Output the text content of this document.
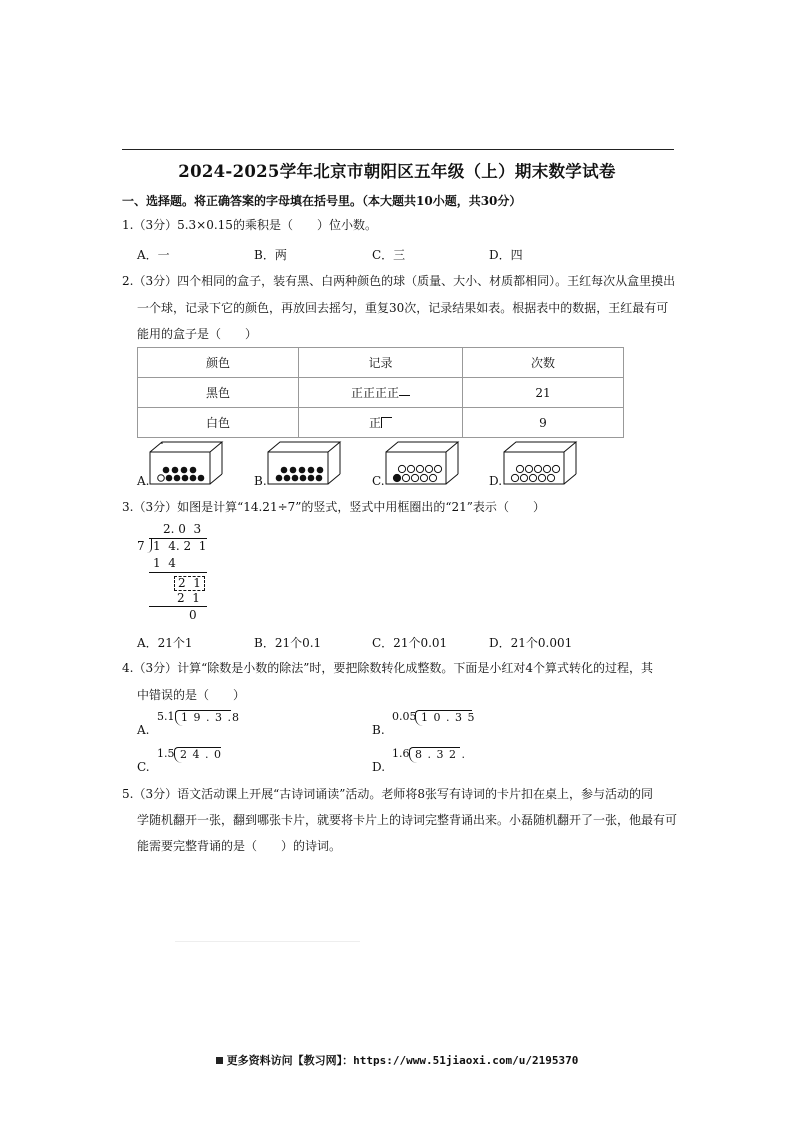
2024-2025学年北京市朝阳区五年级（上）期末数学试卷
一、选择题。将正确答案的字母填在括号里。（本大题共10小题，共30分）
1.（3分）5.3×0.15的乘积是（　　）位小数。
A．一	B．两	C．三	D．四
2.（3分）四个相同的盒子，装有黑、白两种颜色的球（质量、大小、材质都相同）。王红每次从盒里摸出
一个球，记录下它的颜色，再放回去摇匀，重复30次，记录结果如表。根据表中的数据，王红最有可
能用的盒子是（　　）
颜色	记录	次数
黑色	正正正正	21
白色	正	9
A.	B.	C.	D.
3.（3分）如图是计算“14.21÷7”的竖式，竖式中用框圈出的“21”表示（　　）
2. 0  3
7 1  4. 2  1
1  4
2  1
2  1
0
A．21个1	B．21个0.1	C．21个0.01	D．21个0.001
4.（3分）计算“除数是小数的除法”时，要把除数转化成整数。下面是小红对4个算式转化的过程，其
中错误的是（　　）
A.
5.1 1 9 . 3 .8
B.
0.05 1 0 . 3 5
C.
1.5 2 4 . 0
D.
1.6 8 . 3 2 .
5.（3分）语文活动课上开展“古诗词诵读”活动。老师将8张写有诗词的卡片扣在桌上，参与活动的同
学随机翻开一张，翻到哪张卡片，就要将卡片上的诗词完整背诵出来。小磊随机翻开了一张，他最有可
能需要完整背诵的是（　　）的诗词。
更多资料访问【教习网】：https://www.51jiaoxi.com/u/2195370
